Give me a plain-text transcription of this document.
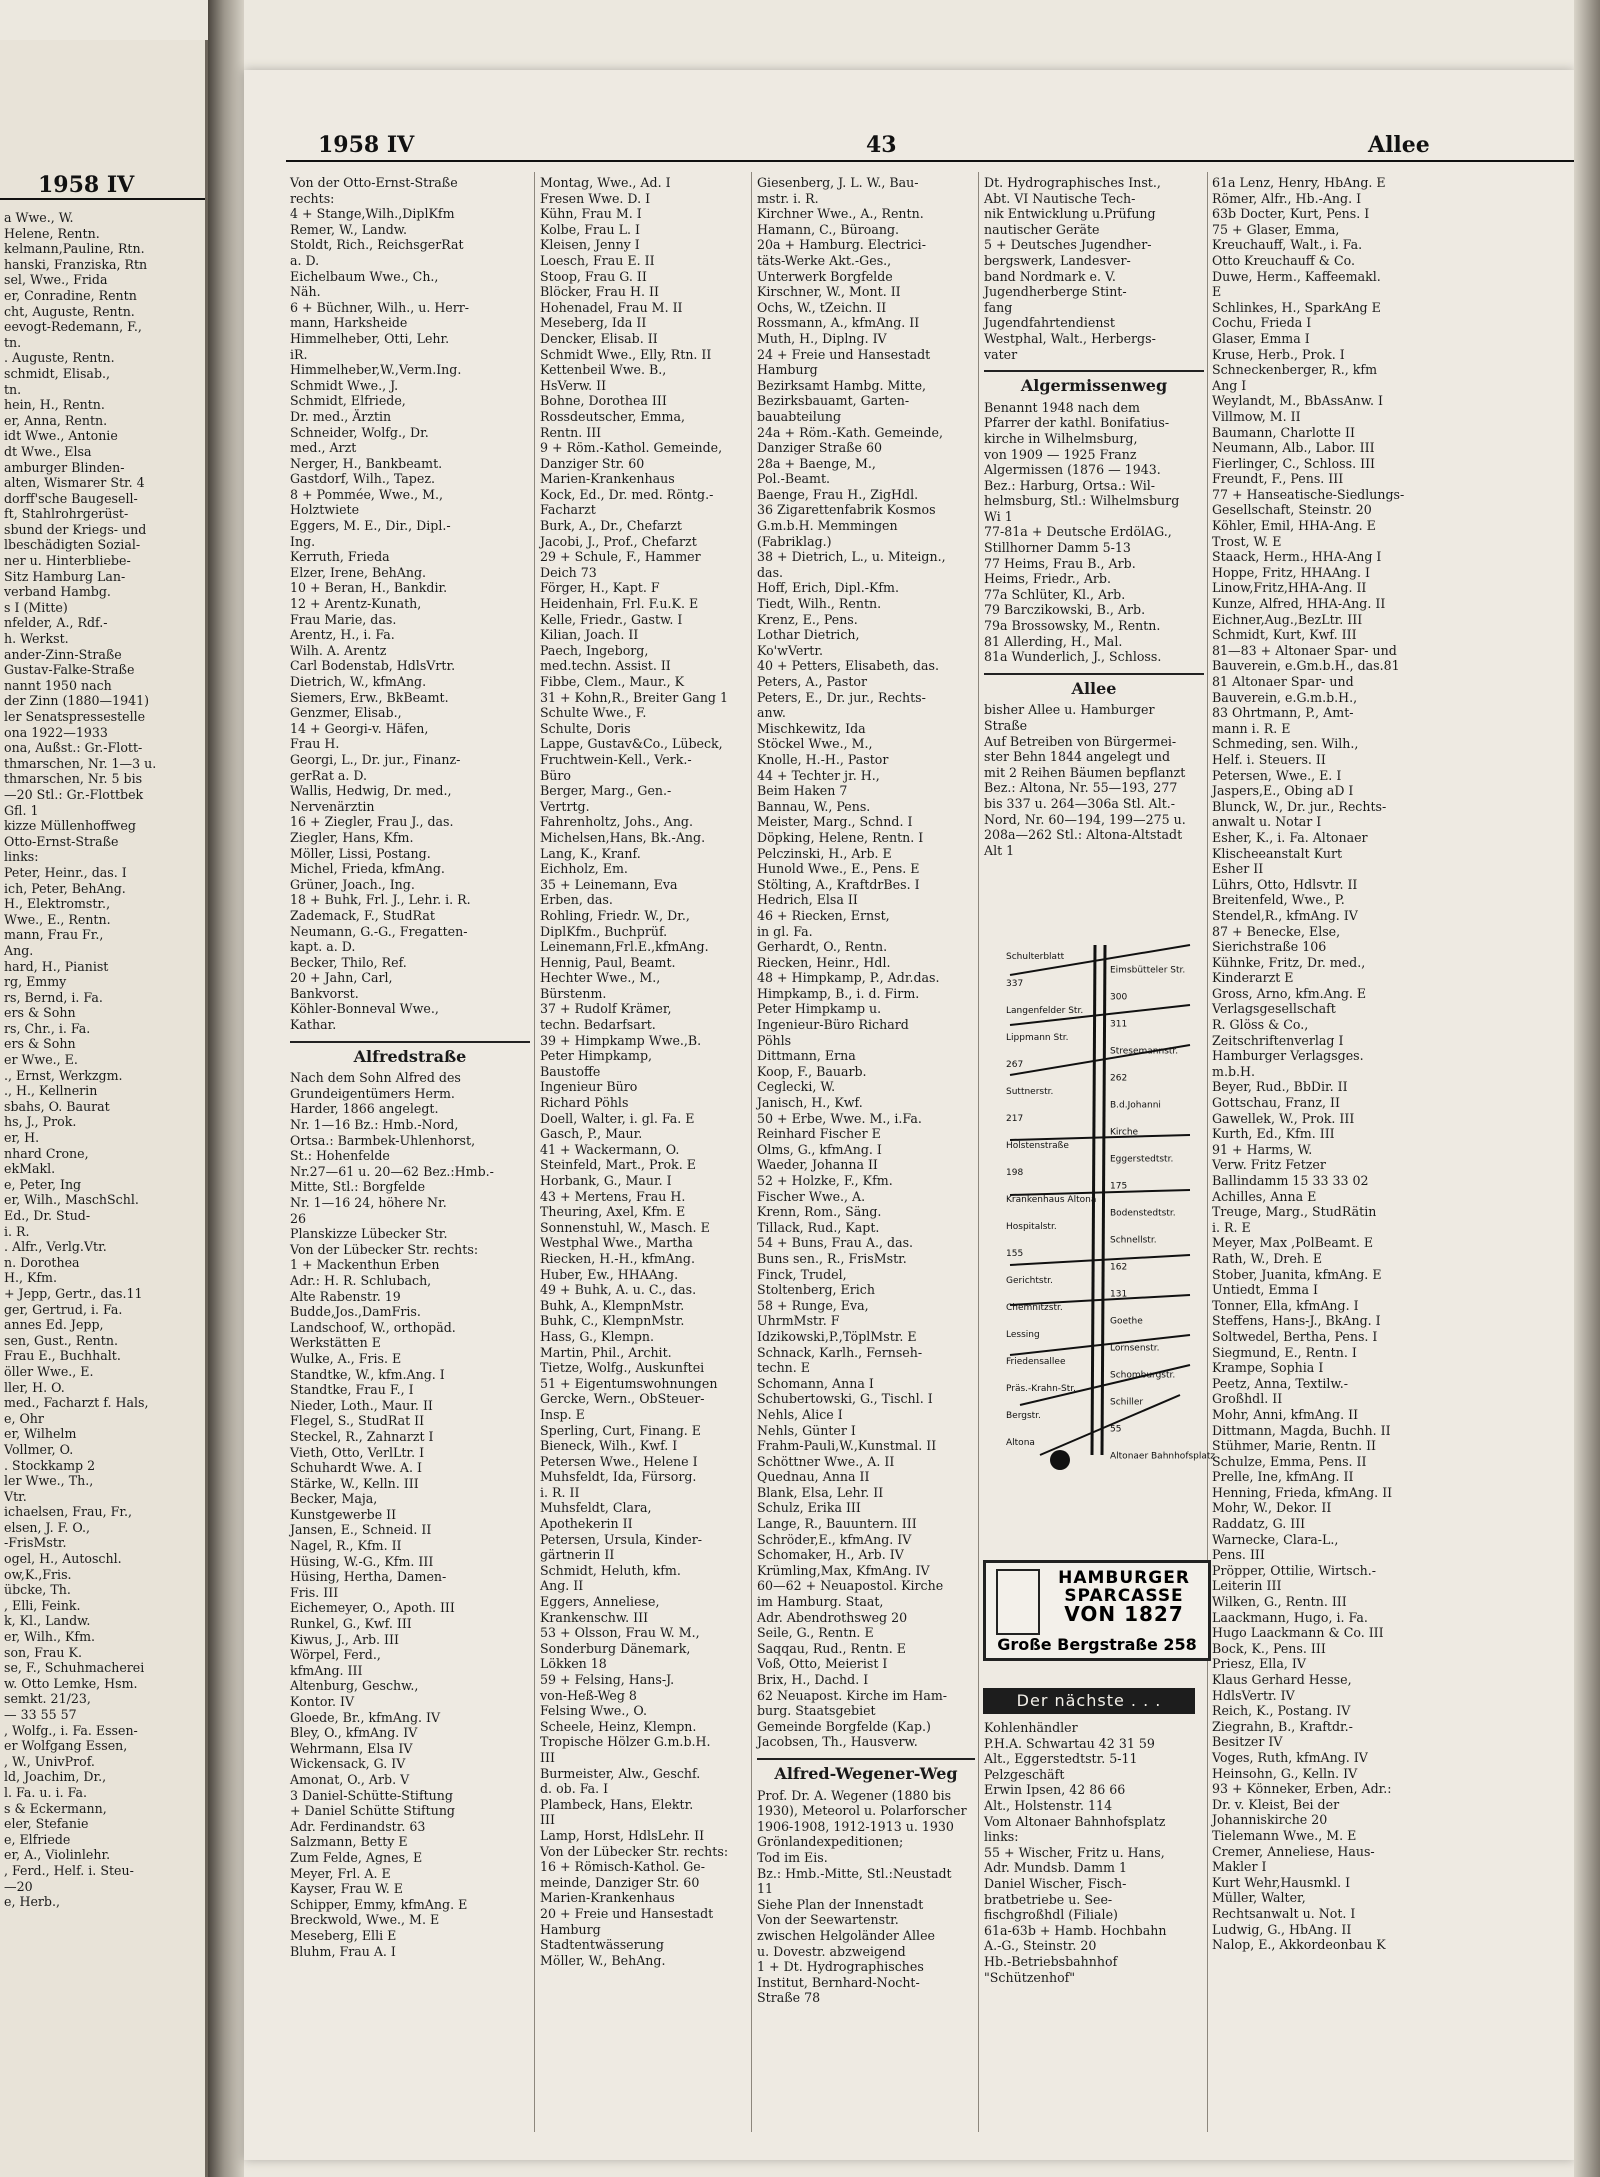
1958 IV
a Wwe., W.
Helene, Rentn.
kelmann,Pauline, Rtn.
hanski, Franziska, Rtn
sel, Wwe., Frida
er, Conradine, Rentn
cht, Auguste, Rentn.
eevogt-Redemann, F.,
tn.
. Auguste, Rentn.
schmidt, Elisab.,
tn.
hein, H., Rentn.
er, Anna, Rentn.
idt Wwe., Antonie
dt Wwe., Elsa
amburger Blinden-
alten, Wismarer Str. 4
dorff'sche Baugesell-
ft, Stahlrohrgerüst-
sbund der Kriegs- und
lbeschädigten Sozial-
ner u. Hinterbliebe-
Sitz Hamburg Lan-
verband Hambg.
s I (Mitte)
nfelder, A., Rdf.-
h. Werkst.
ander-Zinn-Straße
Gustav-Falke-Straße
nannt 1950 nach
der Zinn (1880—1941)
ler Senatspressestelle
ona 1922—1933
ona, Außst.: Gr.-Flott-
thmarschen, Nr. 1—3 u.
thmarschen, Nr. 5 bis
—20 Stl.: Gr.-Flottbek
Gfl. 1
kizze Müllenhoffweg
Otto-Ernst-Straße
links:
Peter, Heinr., das. I
ich, Peter, BehAng.
H., Elektromstr.,
Wwe., E., Rentn.
mann, Frau Fr.,
Ang.
hard, H., Pianist
rg, Emmy
rs, Bernd, i. Fa.
ers & Sohn
rs, Chr., i. Fa.
ers & Sohn
er Wwe., E.
., Ernst, Werkzgm.
., H., Kellnerin
sbahs, O. Baurat
hs, J., Prok.
er, H.
nhard Crone,
ekMakl.
e, Peter, Ing
er, Wilh., MaschSchl.
Ed., Dr. Stud-
i. R.
. Alfr., Verlg.Vtr.
n. Dorothea
H., Kfm.
+ Jepp, Gertr., das.11
ger, Gertrud, i. Fa.
annes Ed. Jepp,
sen, Gust., Rentn.
Frau E., Buchhalt.
öller Wwe., E.
ller, H. O.
med., Facharzt f. Hals,
e, Ohr
er, Wilhelm
Vollmer, O.
. Stockkamp 2
ler Wwe., Th.,
Vtr.
ichaelsen, Frau, Fr.,
elsen, J. F. O.,
-FrisMstr.
ogel, H., Autoschl.
ow,K.,Fris.
übcke, Th.
, Elli, Feink.
k, Kl., Landw.
er, Wilh., Kfm.
son, Frau K.
se, F., Schuhmacherei
w. Otto Lemke, Hsm.
semkt. 21/23,
— 33 55 57
, Wolfg., i. Fa. Essen-
er Wolfgang Essen,
, W., UnivProf.
ld, Joachim, Dr.,
l. Fa. u. i. Fa.
s & Eckermann,
eler, Stefanie
e, Elfriede
er, A., Violinlehr.
, Ferd., Helf. i. Steu-
—20
e, Herb.,
1958 IV	43	Allee
Von der Otto-Ernst-Straße
rechts:
4 + Stange,Wilh.,DiplKfm
Remer, W., Landw.
Stoldt, Rich., ReichsgerRat
a. D.
Eichelbaum Wwe., Ch.,
Näh.
6 + Büchner, Wilh., u. Herr-
mann, Harksheide
Himmelheber, Otti, Lehr.
iR.
Himmelheber,W.,Verm.Ing.
Schmidt Wwe., J.
Schmidt, Elfriede,
Dr. med., Ärztin
Schneider, Wolfg., Dr.
med., Arzt
Nerger, H., Bankbeamt.
Gastdorf, Wilh., Tapez.
8 + Pommée, Wwe., M.,
Holztwiete
Eggers, M. E., Dir., Dipl.-
Ing.
Kerruth, Frieda
Elzer, Irene, BehAng.
10 + Beran, H., Bankdir.
12 + Arentz-Kunath,
Frau Marie, das.
Arentz, H., i. Fa.
Wilh. A. Arentz
Carl Bodenstab, HdlsVrtr.
Dietrich, W., kfmAng.
Siemers, Erw., BkBeamt.
Genzmer, Elisab.,
14 + Georgi-v. Häfen,
Frau H.
Georgi, L., Dr. jur., Finanz-
gerRat a. D.
Wallis, Hedwig, Dr. med.,
Nervenärztin
16 + Ziegler, Frau J., das.
Ziegler, Hans, Kfm.
Möller, Lissi, Postang.
Michel, Frieda, kfmAng.
Grüner, Joach., Ing.
18 + Buhk, Frl. J., Lehr. i. R.
Zademack, F., StudRat
Neumann, G.-G., Fregatten-
kapt. a. D.
Becker, Thilo, Ref.
20 + Jahn, Carl,
Bankvorst.
Köhler-Bonneval Wwe.,
Kathar.
Alfredstraße
Nach dem Sohn Alfred des
Grundeigentümers Herm.
Harder, 1866 angelegt.
Nr. 1—16 Bz.: Hmb.-Nord,
Ortsa.: Barmbek-Uhlenhorst,
St.: Hohenfelde
Nr.27—61 u. 20—62 Bez.:Hmb.-
Mitte, Stl.: Borgfelde
Nr. 1—16 24, höhere Nr.
26
Planskizze Lübecker Str.
Von der Lübecker Str. rechts:
1 + Mackenthun Erben
Adr.: H. R. Schlubach,
Alte Rabenstr. 19
Budde,Jos.,DamFris.
Landschoof, W., orthopäd.
Werkstätten E
Wulke, A., Fris. E
Standtke, W., kfm.Ang. I
Standtke, Frau F., I
Nieder, Loth., Maur. II
Flegel, S., StudRat II
Steckel, R., Zahnarzt I
Vieth, Otto, VerlLtr. I
Schuhardt Wwe. A. I
Stärke, W., Kelln. III
Becker, Maja,
Kunstgewerbe II
Jansen, E., Schneid. II
Nagel, R., Kfm. II
Hüsing, W.-G., Kfm. III
Hüsing, Hertha, Damen-
Fris. III
Eichemeyer, O., Apoth. III
Runkel, G., Kwf. III
Kiwus, J., Arb. III
Wörpel, Ferd.,
kfmAng. III
Altenburg, Geschw.,
Kontor. IV
Gloede, Br., kfmAng. IV
Bley, O., kfmAng. IV
Wehrmann, Elsa IV
Wickensack, G. IV
Amonat, O., Arb. V
3 Daniel-Schütte-Stiftung
+ Daniel Schütte Stiftung
Adr. Ferdinandstr. 63
Salzmann, Betty E
Zum Felde, Agnes, E
Meyer, Frl. A. E
Kayser, Frau W. E
Schipper, Emmy, kfmAng. E
Breckwold, Wwe., M. E
Meseberg, Elli E
Bluhm, Frau A. I
Montag, Wwe., Ad. I
Fresen Wwe. D. I
Kühn, Frau M. I
Kolbe, Frau L. I
Kleisen, Jenny I
Loesch, Frau E. II
Stoop, Frau G. II
Blöcker, Frau H. II
Hohenadel, Frau M. II
Meseberg, Ida II
Dencker, Elisab. II
Schmidt Wwe., Elly, Rtn. II
Kettenbeil Wwe. B.,
HsVerw. II
Bohne, Dorothea III
Rossdeutscher, Emma,
Rentn. III
9 + Röm.-Kathol. Gemeinde,
Danziger Str. 60
Marien-Krankenhaus
Kock, Ed., Dr. med. Röntg.-
Facharzt
Burk, A., Dr., Chefarzt
Jacobi, J., Prof., Chefarzt
29 + Schule, F., Hammer
Deich 73
Förger, H., Kapt. F
Heidenhain, Frl. F.u.K. E
Kelle, Friedr., Gastw. I
Kilian, Joach. II
Paech, Ingeborg,
med.techn. Assist. II
Fibbe, Clem., Maur., K
31 + Kohn,R., Breiter Gang 1
Schulte Wwe., F.
Schulte, Doris
Lappe, Gustav&Co., Lübeck,
Fruchtwein-Kell., Verk.-
Büro
Berger, Marg., Gen.-
Vertrtg.
Fahrenholtz, Johs., Ang.
Michelsen,Hans, Bk.-Ang.
Lang, K., Kranf.
Eichholz, Em.
35 + Leinemann, Eva
Erben, das.
Rohling, Friedr. W., Dr.,
DiplKfm., Buchprüf.
Leinemann,Frl.E.,kfmAng.
Hennig, Paul, Beamt.
Hechter Wwe., M.,
Bürstenm.
37 + Rudolf Krämer,
techn. Bedarfsart.
39 + Himpkamp Wwe.,B.
Peter Himpkamp,
Baustoffe
Ingenieur Büro
Richard Pöhls
Doell, Walter, i. gl. Fa. E
Gasch, P., Maur.
41 + Wackermann, O.
Steinfeld, Mart., Prok. E
Horbank, G., Maur. I
43 + Mertens, Frau H.
Theuring, Axel, Kfm. E
Sonnenstuhl, W., Masch. E
Westphal Wwe., Martha
Riecken, H.-H., kfmAng.
Huber, Ew., HHAAng.
49 + Buhk, A. u. C., das.
Buhk, A., KlempnMstr.
Buhk, C., KlempnMstr.
Hass, G., Klempn.
Martin, Phil., Archit.
Tietze, Wolfg., Auskunftei
51 + Eigentumswohnungen
Gercke, Wern., ObSteuer-
Insp. E
Sperling, Curt, Finang. E
Bieneck, Wilh., Kwf. I
Petersen Wwe., Helene I
Muhsfeldt, Ida, Fürsorg.
i. R. II
Muhsfeldt, Clara,
Apothekerin II
Petersen, Ursula, Kinder-
gärtnerin II
Schmidt, Heluth, kfm.
Ang. II
Eggers, Anneliese,
Krankenschw. III
53 + Olsson, Frau W. M.,
Sonderburg Dänemark,
Lökken 18
59 + Felsing, Hans-J.
von-Heß-Weg 8
Felsing Wwe., O.
Scheele, Heinz, Klempn.
Tropische Hölzer G.m.b.H.
III
Burmeister, Alw., Geschf.
d. ob. Fa. I
Plambeck, Hans, Elektr.
III
Lamp, Horst, HdlsLehr. II
Von der Lübecker Str. rechts:
16 + Römisch-Kathol. Ge-
meinde, Danziger Str. 60
Marien-Krankenhaus
20 + Freie und Hansestadt
Hamburg
Stadtentwässerung
Möller, W., BehAng.
Giesenberg, J. L. W., Bau-
mstr. i. R.
Kirchner Wwe., A., Rentn.
Hamann, C., Büroang.
20a + Hamburg. Electrici-
täts-Werke Akt.-Ges.,
Unterwerk Borgfelde
Kirschner, W., Mont. II
Ochs, W., tZeichn. II
Rossmann, A., kfmAng. II
Muth, H., Diplng. IV
24 + Freie und Hansestadt
Hamburg
Bezirksamt Hambg. Mitte,
Bezirksbauamt, Garten-
bauabteilung
24a + Röm.-Kath. Gemeinde,
Danziger Straße 60
28a + Baenge, M.,
Pol.-Beamt.
Baenge, Frau H., ZigHdl.
36 Zigarettenfabrik Kosmos
G.m.b.H. Memmingen
(Fabriklag.)
38 + Dietrich, L., u. Miteign.,
das.
Hoff, Erich, Dipl.-Kfm.
Tiedt, Wilh., Rentn.
Krenz, E., Pens.
Lothar Dietrich,
Ko'wVertr.
40 + Petters, Elisabeth, das.
Peters, A., Pastor
Peters, E., Dr. jur., Rechts-
anw.
Mischkewitz, Ida
Stöckel Wwe., M.,
Knolle, H.-H., Pastor
44 + Techter jr. H.,
Beim Haken 7
Bannau, W., Pens.
Meister, Marg., Schnd. I
Döpking, Helene, Rentn. I
Pelczinski, H., Arb. E
Hunold Wwe., E., Pens. E
Stölting, A., KraftdrBes. I
Hedrich, Elsa II
46 + Riecken, Ernst,
in gl. Fa.
Gerhardt, O., Rentn.
Riecken, Heinr., Hdl.
48 + Himpkamp, P., Adr.das.
Himpkamp, B., i. d. Firm.
Peter Himpkamp u.
Ingenieur-Büro Richard
Pöhls
Dittmann, Erna
Koop, F., Bauarb.
Ceglecki, W.
Janisch, H., Kwf.
50 + Erbe, Wwe. M., i.Fa.
Reinhard Fischer E
Olms, G., kfmAng. I
Waeder, Johanna II
52 + Holzke, F., Kfm.
Fischer Wwe., A.
Krenn, Rom., Säng.
Tillack, Rud., Kapt.
54 + Buns, Frau A., das.
Buns sen., R., FrisMstr.
Finck, Trudel,
Stoltenberg, Erich
58 + Runge, Eva,
UhrmMstr. F
Idzikowski,P.,TöplMstr. E
Schnack, Karlh., Fernseh-
techn. E
Schomann, Anna I
Schubertowski, G., Tischl. I
Nehls, Alice I
Nehls, Günter I
Frahm-Pauli,W.,Kunstmal. II
Schöttner Wwe., A. II
Quednau, Anna II
Blank, Elsa, Lehr. II
Schulz, Erika III
Lange, R., Bauuntern. III
Schröder,E., kfmAng. IV
Schomaker, H., Arb. IV
Krümling,Max, KfmAng. IV
60—62 + Neuapostol. Kirche
im Hamburg. Staat,
Adr. Abendrothsweg 20
Seile, G., Rentn. E
Saqqau, Rud., Rentn. E
Voß, Otto, Meierist I
Brix, H., Dachd. I
62 Neuapost. Kirche im Ham-
burg. Staatsgebiet
Gemeinde Borgfelde (Kap.)
Jacobsen, Th., Hausverw.
Alfred-Wegener-Weg
Prof. Dr. A. Wegener (1880 bis
1930), Meteorol u. Polarforscher
1906-1908, 1912-1913 u. 1930
Grönlandexpeditionen;
Tod im Eis.
Bz.: Hmb.-Mitte, Stl.:Neustadt
11
Siehe Plan der Innenstadt
Von der Seewartenstr.
zwischen Helgoländer Allee
u. Dovestr. abzweigend
1 + Dt. Hydrographisches
Institut, Bernhard-Nocht-
Straße 78
Dt. Hydrographisches Inst.,
Abt. VI Nautische Tech-
nik Entwicklung u.Prüfung
nautischer Geräte
5 + Deutsches Jugendher-
bergswerk, Landesver-
band Nordmark e. V.
Jugendherberge Stint-
fang
Jugendfahrtendienst
Westphal, Walt., Herbergs-
vater
Algermissenweg
Benannt 1948 nach dem
Pfarrer der kathl. Bonifatius-
kirche in Wilhelmsburg,
von 1909 — 1925 Franz
Algermissen (1876 — 1943.
Bez.: Harburg, Ortsa.: Wil-
helmsburg, Stl.: Wilhelmsburg
Wi 1
77-81a + Deutsche ErdölAG.,
Stillhorner Damm 5-13
77 Heims, Frau B., Arb.
Heims, Friedr., Arb.
77a Schlüter, Kl., Arb.
79 Barczikowski, B., Arb.
79a Brossowsky, M., Rentn.
81 Allerding, H., Mal.
81a Wunderlich, J., Schloss.
Allee
bisher Allee u. Hamburger
Straße
Auf Betreiben von Bürgermei-
ster Behn 1844 angelegt und
mit 2 Reihen Bäumen bepflanzt
Bez.: Altona, Nr. 55—193, 277
bis 337 u. 264—306a Stl. Alt.-
Nord, Nr. 60—194, 199—275 u.
208a—262 Stl.: Altona-Altstadt
Alt 1
Kohlenhändler
P.H.A. Schwartau 42 31 59
Alt., Eggerstedtstr. 5-11
Pelzgeschäft
Erwin Ipsen, 42 86 66
Alt., Holstenstr. 114
Vom Altonaer Bahnhofsplatz
links:
55 + Wischer, Fritz u. Hans,
Adr. Mundsb. Damm 1
Daniel Wischer, Fisch-
bratbetriebe u. See-
fischgroßhdl (Filiale)
61a-63b + Hamb. Hochbahn
A.-G., Steinstr. 20
Hb.-Betriebsbahnhof
"Schützenhof"
61a Lenz, Henry, HbAng. E
Römer, Alfr., Hb.-Ang. I
63b Docter, Kurt, Pens. I
75 + Glaser, Emma,
Kreuchauff, Walt., i. Fa.
Otto Kreuchauff & Co.
Duwe, Herm., Kaffeemakl.
E
Schlinkes, H., SparkAng E
Cochu, Frieda I
Glaser, Emma I
Kruse, Herb., Prok. I
Schneckenberger, R., kfm
Ang I
Weylandt, M., BbAssAnw. I
Villmow, M. II
Baumann, Charlotte II
Neumann, Alb., Labor. III
Fierlinger, C., Schloss. III
Freundt, F., Pens. III
77 + Hanseatische-Siedlungs-
Gesellschaft, Steinstr. 20
Köhler, Emil, HHA-Ang. E
Trost, W. E
Staack, Herm., HHA-Ang I
Hoppe, Fritz, HHAAng. I
Linow,Fritz,HHA-Ang. II
Kunze, Alfred, HHA-Ang. II
Eichner,Aug.,BezLtr. III
Schmidt, Kurt, Kwf. III
81—83 + Altonaer Spar- und
Bauverein, e.Gm.b.H., das.81
81 Altonaer Spar- und
Bauverein, e.G.m.b.H.,
83 Ohrtmann, P., Amt-
mann i. R. E
Schmeding, sen. Wilh.,
Helf. i. Steuers. II
Petersen, Wwe., E. I
Jaspers,E., Obing aD I
Blunck, W., Dr. jur., Rechts-
anwalt u. Notar I
Esher, K., i. Fa. Altonaer
Klischeeanstalt Kurt
Esher II
Lührs, Otto, Hdlsvtr. II
Breitenfeld, Wwe., P.
Stendel,R., kfmAng. IV
87 + Benecke, Else,
Sierichstraße 106
Kühnke, Fritz, Dr. med.,
Kinderarzt E
Gross, Arno, kfm.Ang. E
Verlagsgesellschaft
R. Glöss & Co.,
Zeitschriftenverlag I
Hamburger Verlagsges.
m.b.H.
Beyer, Rud., BbDir. II
Gottschau, Franz, II
Gawellek, W., Prok. III
Kurth, Ed., Kfm. III
91 + Harms, W.
Verw. Fritz Fetzer
Ballindamm 15 33 33 02
Achilles, Anna E
Treuge, Marg., StudRätin
i. R. E
Meyer, Max ,PolBeamt. E
Rath, W., Dreh. E
Stober, Juanita, kfmAng. E
Untiedt, Emma I
Tonner, Ella, kfmAng. I
Steffens, Hans-J., BkAng. I
Soltwedel, Bertha, Pens. I
Siegmund, E., Rentn. I
Krampe, Sophia I
Peetz, Anna, Textilw.-
Großhdl. II
Mohr, Anni, kfmAng. II
Dittmann, Magda, Buchh. II
Stühmer, Marie, Rentn. II
Schulze, Emma, Pens. II
Prelle, Ine, kfmAng. II
Henning, Frieda, kfmAng. II
Mohr, W., Dekor. II
Raddatz, G. III
Warnecke, Clara-L.,
Pens. III
Pröpper, Ottilie, Wirtsch.-
Leiterin III
Wilken, G., Rentn. III
Laackmann, Hugo, i. Fa.
Hugo Laackmann & Co. III
Bock, K., Pens. III
Priesz, Ella, IV
Klaus Gerhard Hesse,
HdlsVertr. IV
Reich, K., Postang. IV
Ziegrahn, B., Kraftdr.-
Besitzer IV
Voges, Ruth, kfmAng. IV
Heinsohn, G., Kelln. IV
93 + Könneker, Erben, Adr.:
Dr. v. Kleist, Bei der
Johanniskirche 20
Tielemann Wwe., M. E
Cremer, Anneliese, Haus-
Makler I
Kurt Wehr,Hausmkl. I
Müller, Walter,
Rechtsanwalt u. Not. I
Ludwig, G., HbAng. II
Nalop, E., Akkordeonbau K
Schulterblatt
Eimsbütteler Str.
337
300
Langenfelder Str.
311
Lippmann Str.
Stresemannstr.
267
262
Suttnerstr.
B.d.Johanni
217
Kirche
Holstenstraße
Eggerstedtstr.
198
175
Krankenhaus Altona
Bodenstedtstr.
Hospitalstr.
Schnellstr.
155
162
Gerichtstr.
131
Chemnitzstr.
Goethe
Lessing
Lornsenstr.
Friedensallee
Schomburgstr.
Präs.-Krahn-Str.
Schiller
Bergstr.
55
Altona
Altonaer Bahnhofsplatz
HAMBURGER
SPARCASSE
VON 1827
Große Bergstraße 258
Der nächste . . .
